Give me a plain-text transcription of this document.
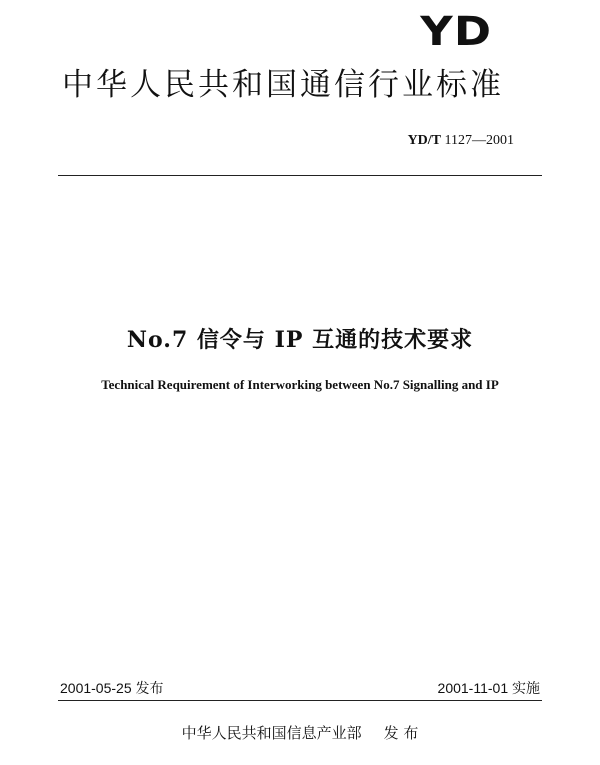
YD
中华人民共和国通信行业标准
YD/T 1127—2001
No.7 信令与 IP 互通的技术要求
Technical Requirement of Interworking between No.7 Signalling and IP
2001-05-25 发布	2001-11-01 实施
中华人民共和国信息产业部 发 布
